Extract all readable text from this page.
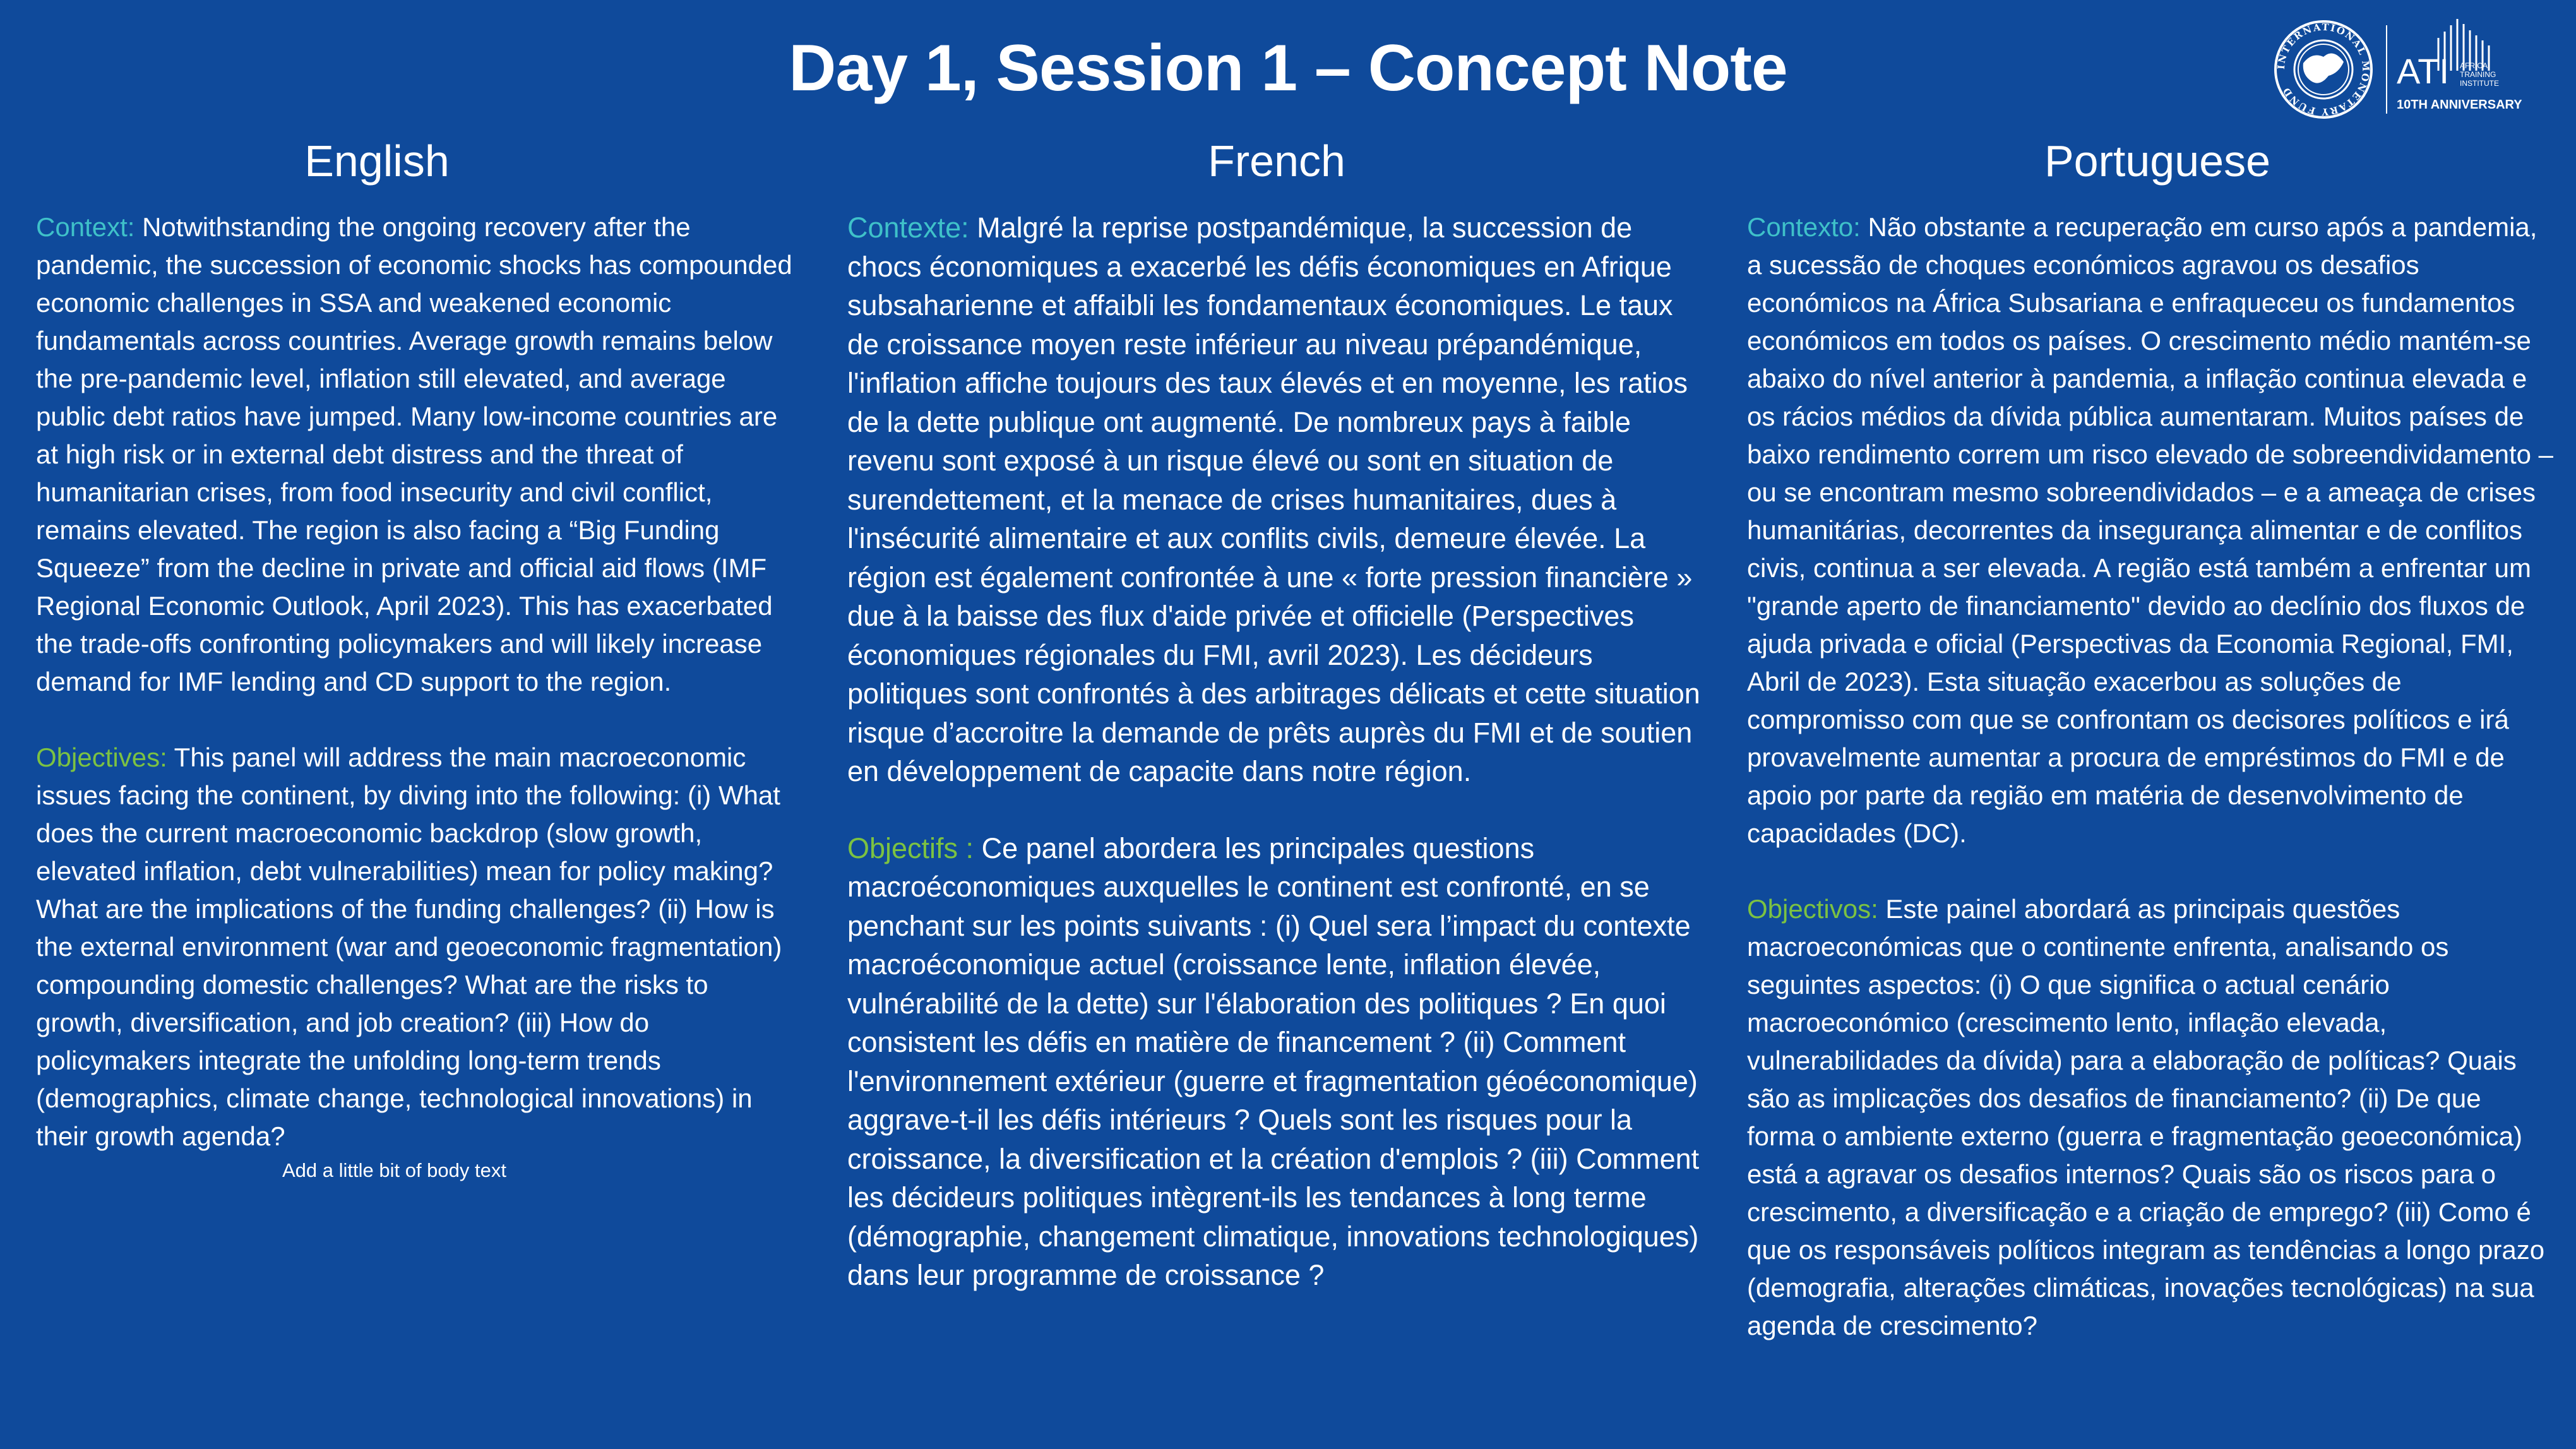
Day 1, Session 1 – Concept Note	INTERNATIONAL MONETARY FUND
ATI AFRICA
TRAINING
INSTITUTE
10TH ANNIVERSARY
English

Context: Notwithstanding the ongoing recovery after the pandemic, the succession of economic shocks has compounded economic challenges in SSA and weakened economic fundamentals across countries. Average growth remains below the pre-pandemic level, inflation still elevated, and average public debt ratios have jumped. Many low-income countries are at high risk or in external debt distress and the threat of humanitarian crises, from food insecurity and civil conflict, remains elevated. The region is also facing a “Big Funding Squeeze” from the decline in private and official aid flows (IMF Regional Economic Outlook, April 2023). This has exacerbated the trade-offs confronting policymakers and will likely increase demand for IMF lending and CD support to the region.

Objectives: This panel will address the main macroeconomic issues facing the continent, by diving into the following: (i) What does the current macroeconomic backdrop (slow growth, elevated inflation, debt vulnerabilities) mean for policy making? What are the implications of the funding challenges? (ii) How is the external environment (war and geoeconomic fragmentation) compounding domestic challenges? What are the risks to growth, diversification, and job creation? (iii) How do policymakers integrate the unfolding long-term trends (demographics, climate change, technological innovations) in their growth agenda?

Add a little bit of body text
French

Contexte: Malgré la reprise postpandémique, la succession de chocs économiques a exacerbé les défis économiques en Afrique subsaharienne et affaibli les fondamentaux économiques. Le taux de croissance moyen reste inférieur au niveau prépandémique, l'inflation affiche toujours des taux élevés et en moyenne, les ratios de la dette publique ont augmenté. De nombreux pays à faible revenu sont exposé à un risque élevé ou sont en situation de surendettement, et la menace de crises humanitaires, dues à l'insécurité alimentaire et aux conflits civils, demeure élevée. La région est également confrontée à une « forte pression financière » due à la baisse des flux d'aide privée et officielle (Perspectives économiques régionales du FMI, avril 2023). Les décideurs politiques sont confrontés à des arbitrages délicats et cette situation risque d’accroitre la demande de prêts auprès du FMI et de soutien en développement de capacite dans notre région.

Objectifs : Ce panel abordera les principales questions macroéconomiques auxquelles le continent est confronté, en se penchant sur les points suivants : (i) Quel sera l’impact du contexte macroéconomique actuel (croissance lente, inflation élevée, vulnérabilité de la dette) sur l'élaboration des politiques ? En quoi consistent les défis en matière de financement ? (ii) Comment l'environnement extérieur (guerre et fragmentation géoéconomique) aggrave-t-il les défis intérieurs ? Quels sont les risques pour la croissance, la diversification et la création d'emplois ? (iii) Comment les décideurs politiques intègrent-ils les tendances à long terme (démographie, changement climatique, innovations technologiques) dans leur programme de croissance ?

Portuguese

Contexto: Não obstante a recuperação em curso após a pandemia, a sucessão de choques económicos agravou os desafios económicos na África Subsariana e enfraqueceu os fundamentos económicos em todos os países. O crescimento médio mantém-se abaixo do nível anterior à pandemia, a inflação continua elevada e os rácios médios da dívida pública aumentaram. Muitos países de baixo rendimento correm um risco elevado de sobreendividamento – ou se encontram mesmo sobreendividados – e a ameaça de crises humanitárias, decorrentes da insegurança alimentar e de conflitos civis, continua a ser elevada. A região está também a enfrentar um "grande aperto de financiamento" devido ao declínio dos fluxos de ajuda privada e oficial (Perspectivas da Economia Regional, FMI, Abril de 2023). Esta situação exacerbou as soluções de compromisso com que se confrontam os decisores políticos e irá provavelmente aumentar a procura de empréstimos do FMI e de apoio por parte da região em matéria de desenvolvimento de capacidades (DC).

Objectivos: Este painel abordará as principais questões macroeconómicas que o continente enfrenta, analisando os seguintes aspectos: (i) O que significa o actual cenário macroeconómico (crescimento lento, inflação elevada, vulnerabilidades da dívida) para a elaboração de políticas? Quais são as implicações dos desafios de financiamento? (ii) De que forma o ambiente externo (guerra e fragmentação geoeconómica) está a agravar os desafios internos? Quais são os riscos para o crescimento, a diversificação e a criação de emprego? (iii) Como é que os responsáveis políticos integram as tendências a longo prazo (demografia, alterações climáticas, inovações tecnológicas) na sua agenda de crescimento?
